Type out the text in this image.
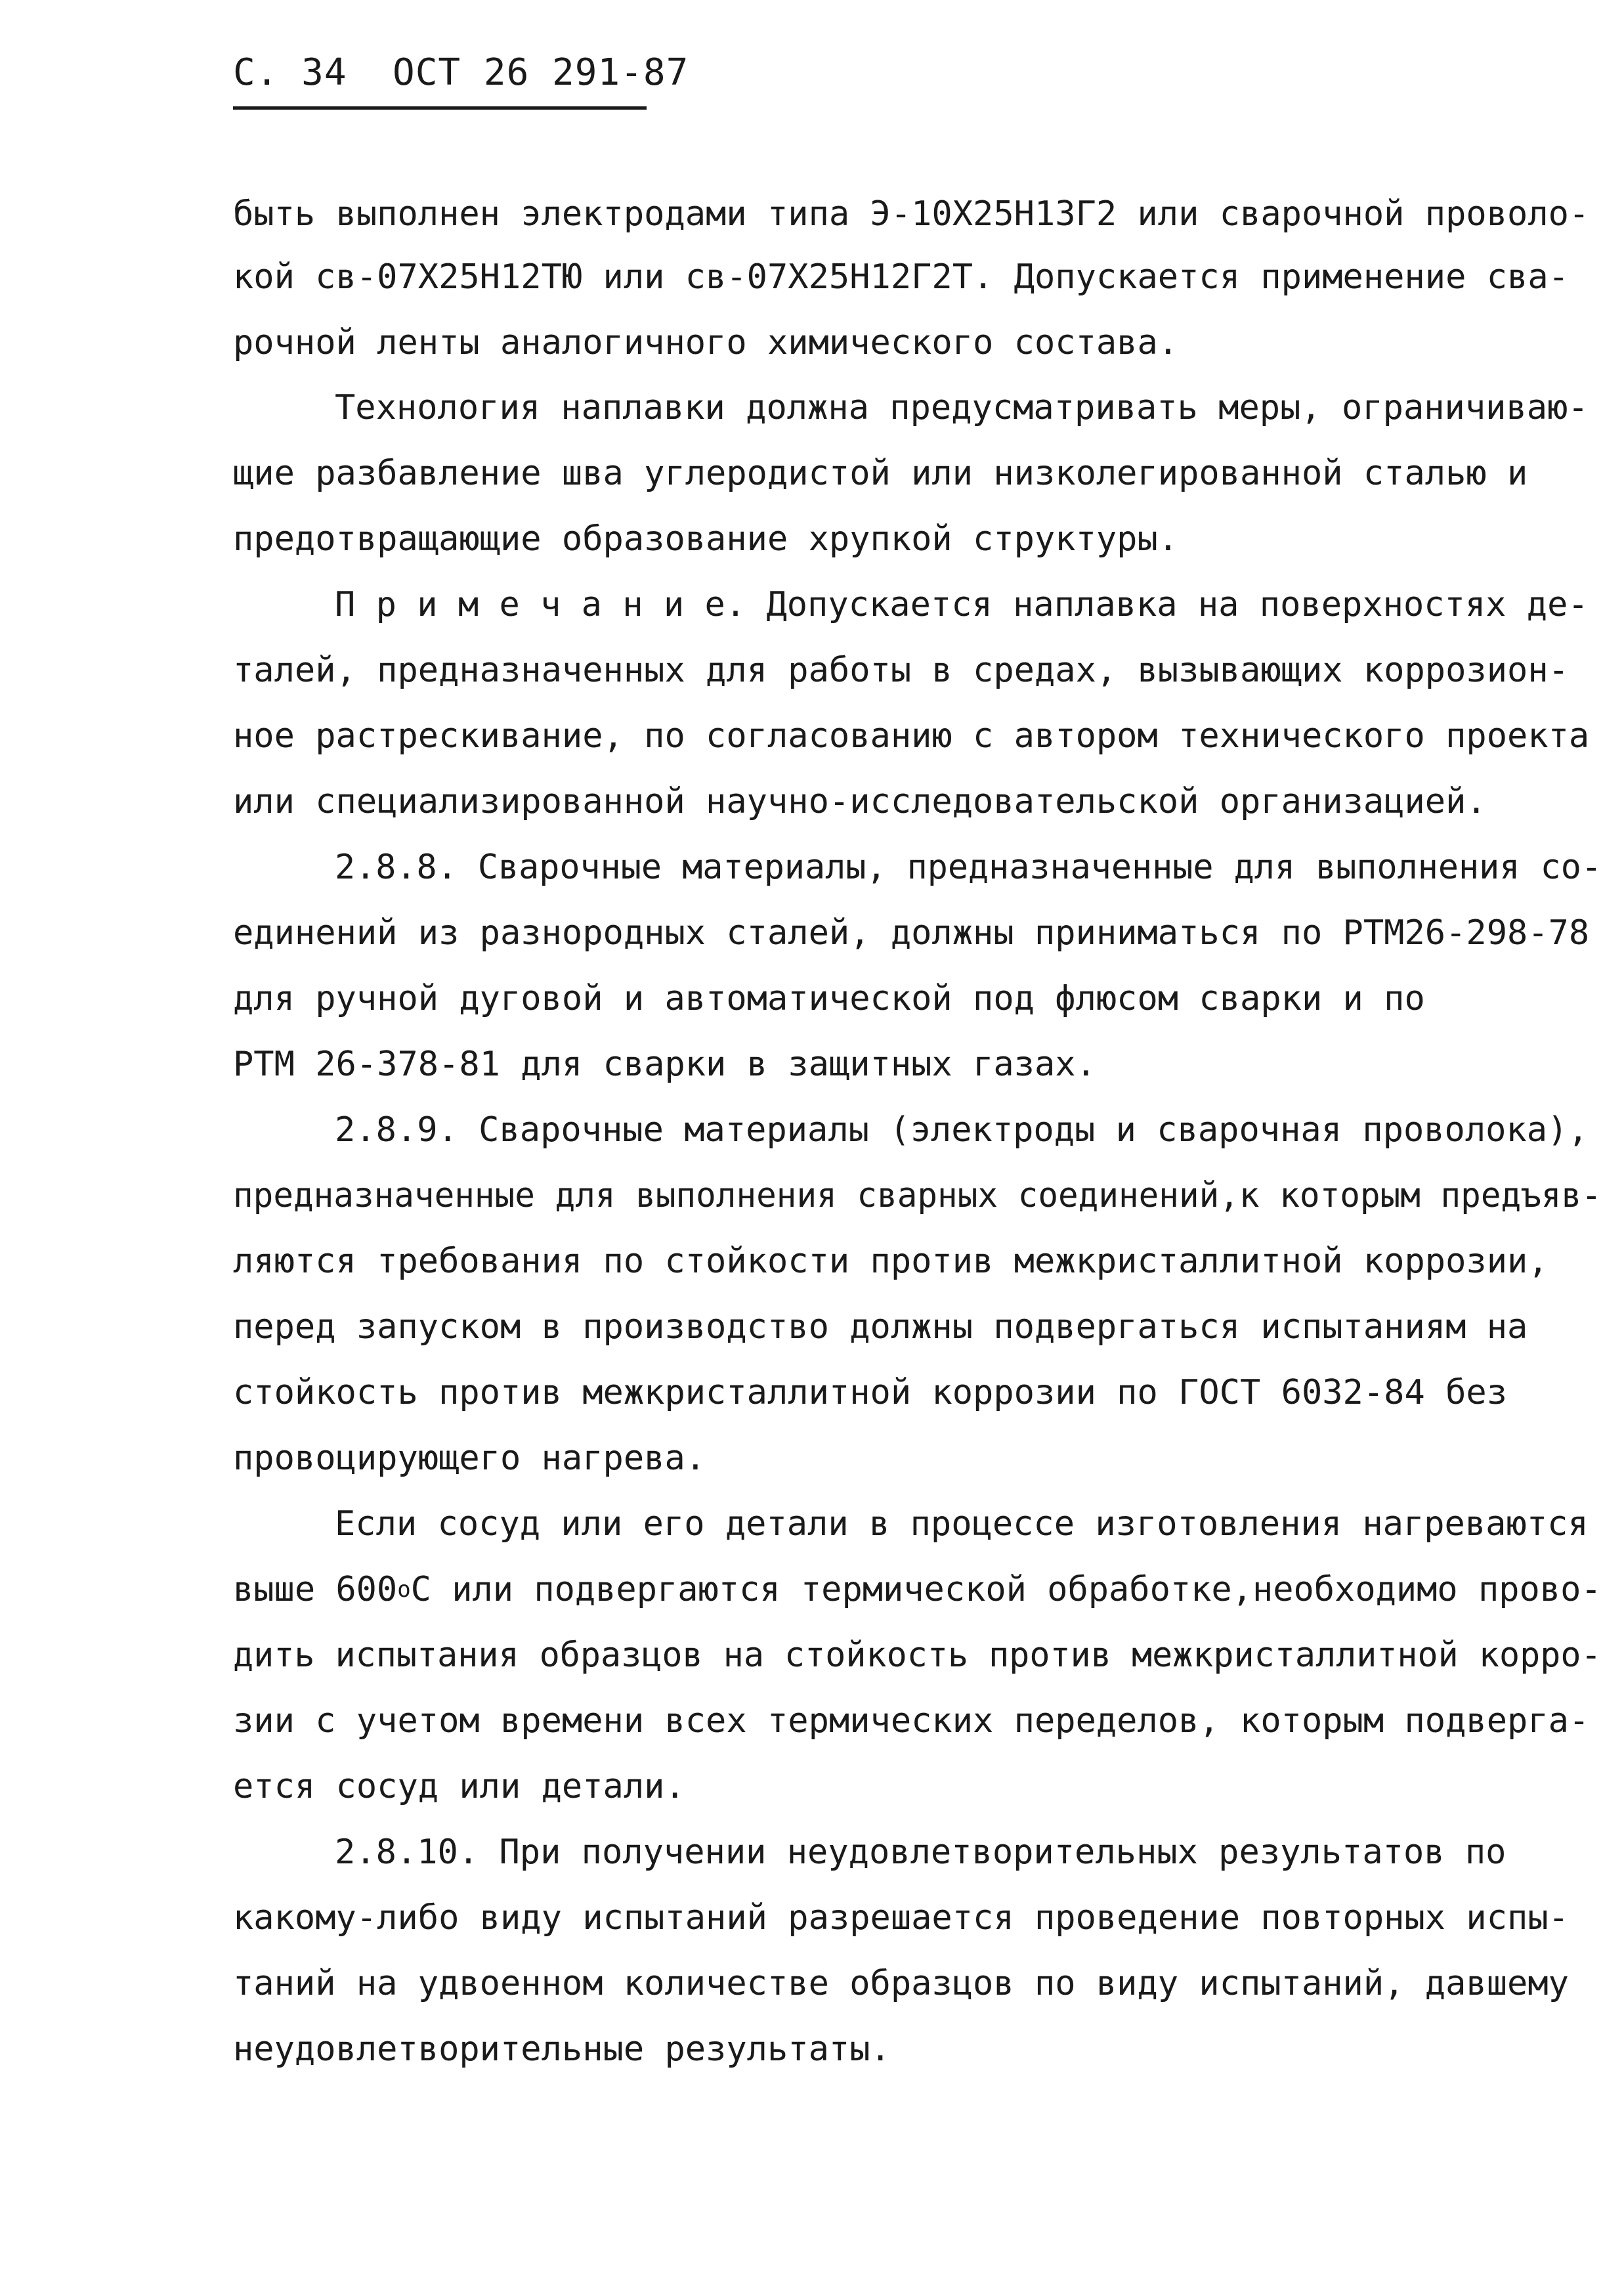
С. 34  ОСТ 26 291-87
быть выполнен электродами типа Э-10Х25Н13Г2 или сварочной проволо-
кой св-07Х25Н12ТЮ или св-07Х25Н12Г2Т. Допускается применение сва-
рочной ленты аналогичного химического состава.
Технология наплавки должна предусматривать меры, ограничиваю-
щие разбавление шва углеродистой или низколегированной сталью и
предотвращающие образование хрупкой структуры.
П р и м е ч а н и е. Допускается наплавка на поверхностях де-
талей, предназначенных для работы в средах, вызывающих коррозион-
ное растрескивание, по согласованию с автором технического проекта
или специализированной научно-исследовательской организацией.
2.8.8. Сварочные материалы, предназначенные для выполнения со-
единений из разнородных сталей, должны приниматься по РТМ26-298-78
для ручной дуговой и автоматической под флюсом сварки и по
РТМ 26-378-81 для сварки в защитных газах.
2.8.9. Сварочные материалы (электроды и сварочная проволока),
предназначенные для выполнения сварных соединений,к которым предъяв-
ляются требования по стойкости против межкристаллитной коррозии,
перед запуском в производство должны подвергаться испытаниям на
стойкость против межкристаллитной коррозии по ГОСТ 6032-84 без
провоцирующего нагрева.
Если сосуд или его детали в процессе изготовления нагреваются
выше $600^оС$ или подвергаются термической обработке,необходимо прово-
дить испытания образцов на стойкость против межкристаллитной корро-
зии с учетом времени всех термических переделов, которым подверга-
ется сосуд или детали.
2.8.10. При получении неудовлетворительных результатов по
какому-либо виду испытаний разрешается проведение повторных испы-
таний на удвоенном количестве образцов по виду испытаний, давшему
неудовлетворительные результаты.
